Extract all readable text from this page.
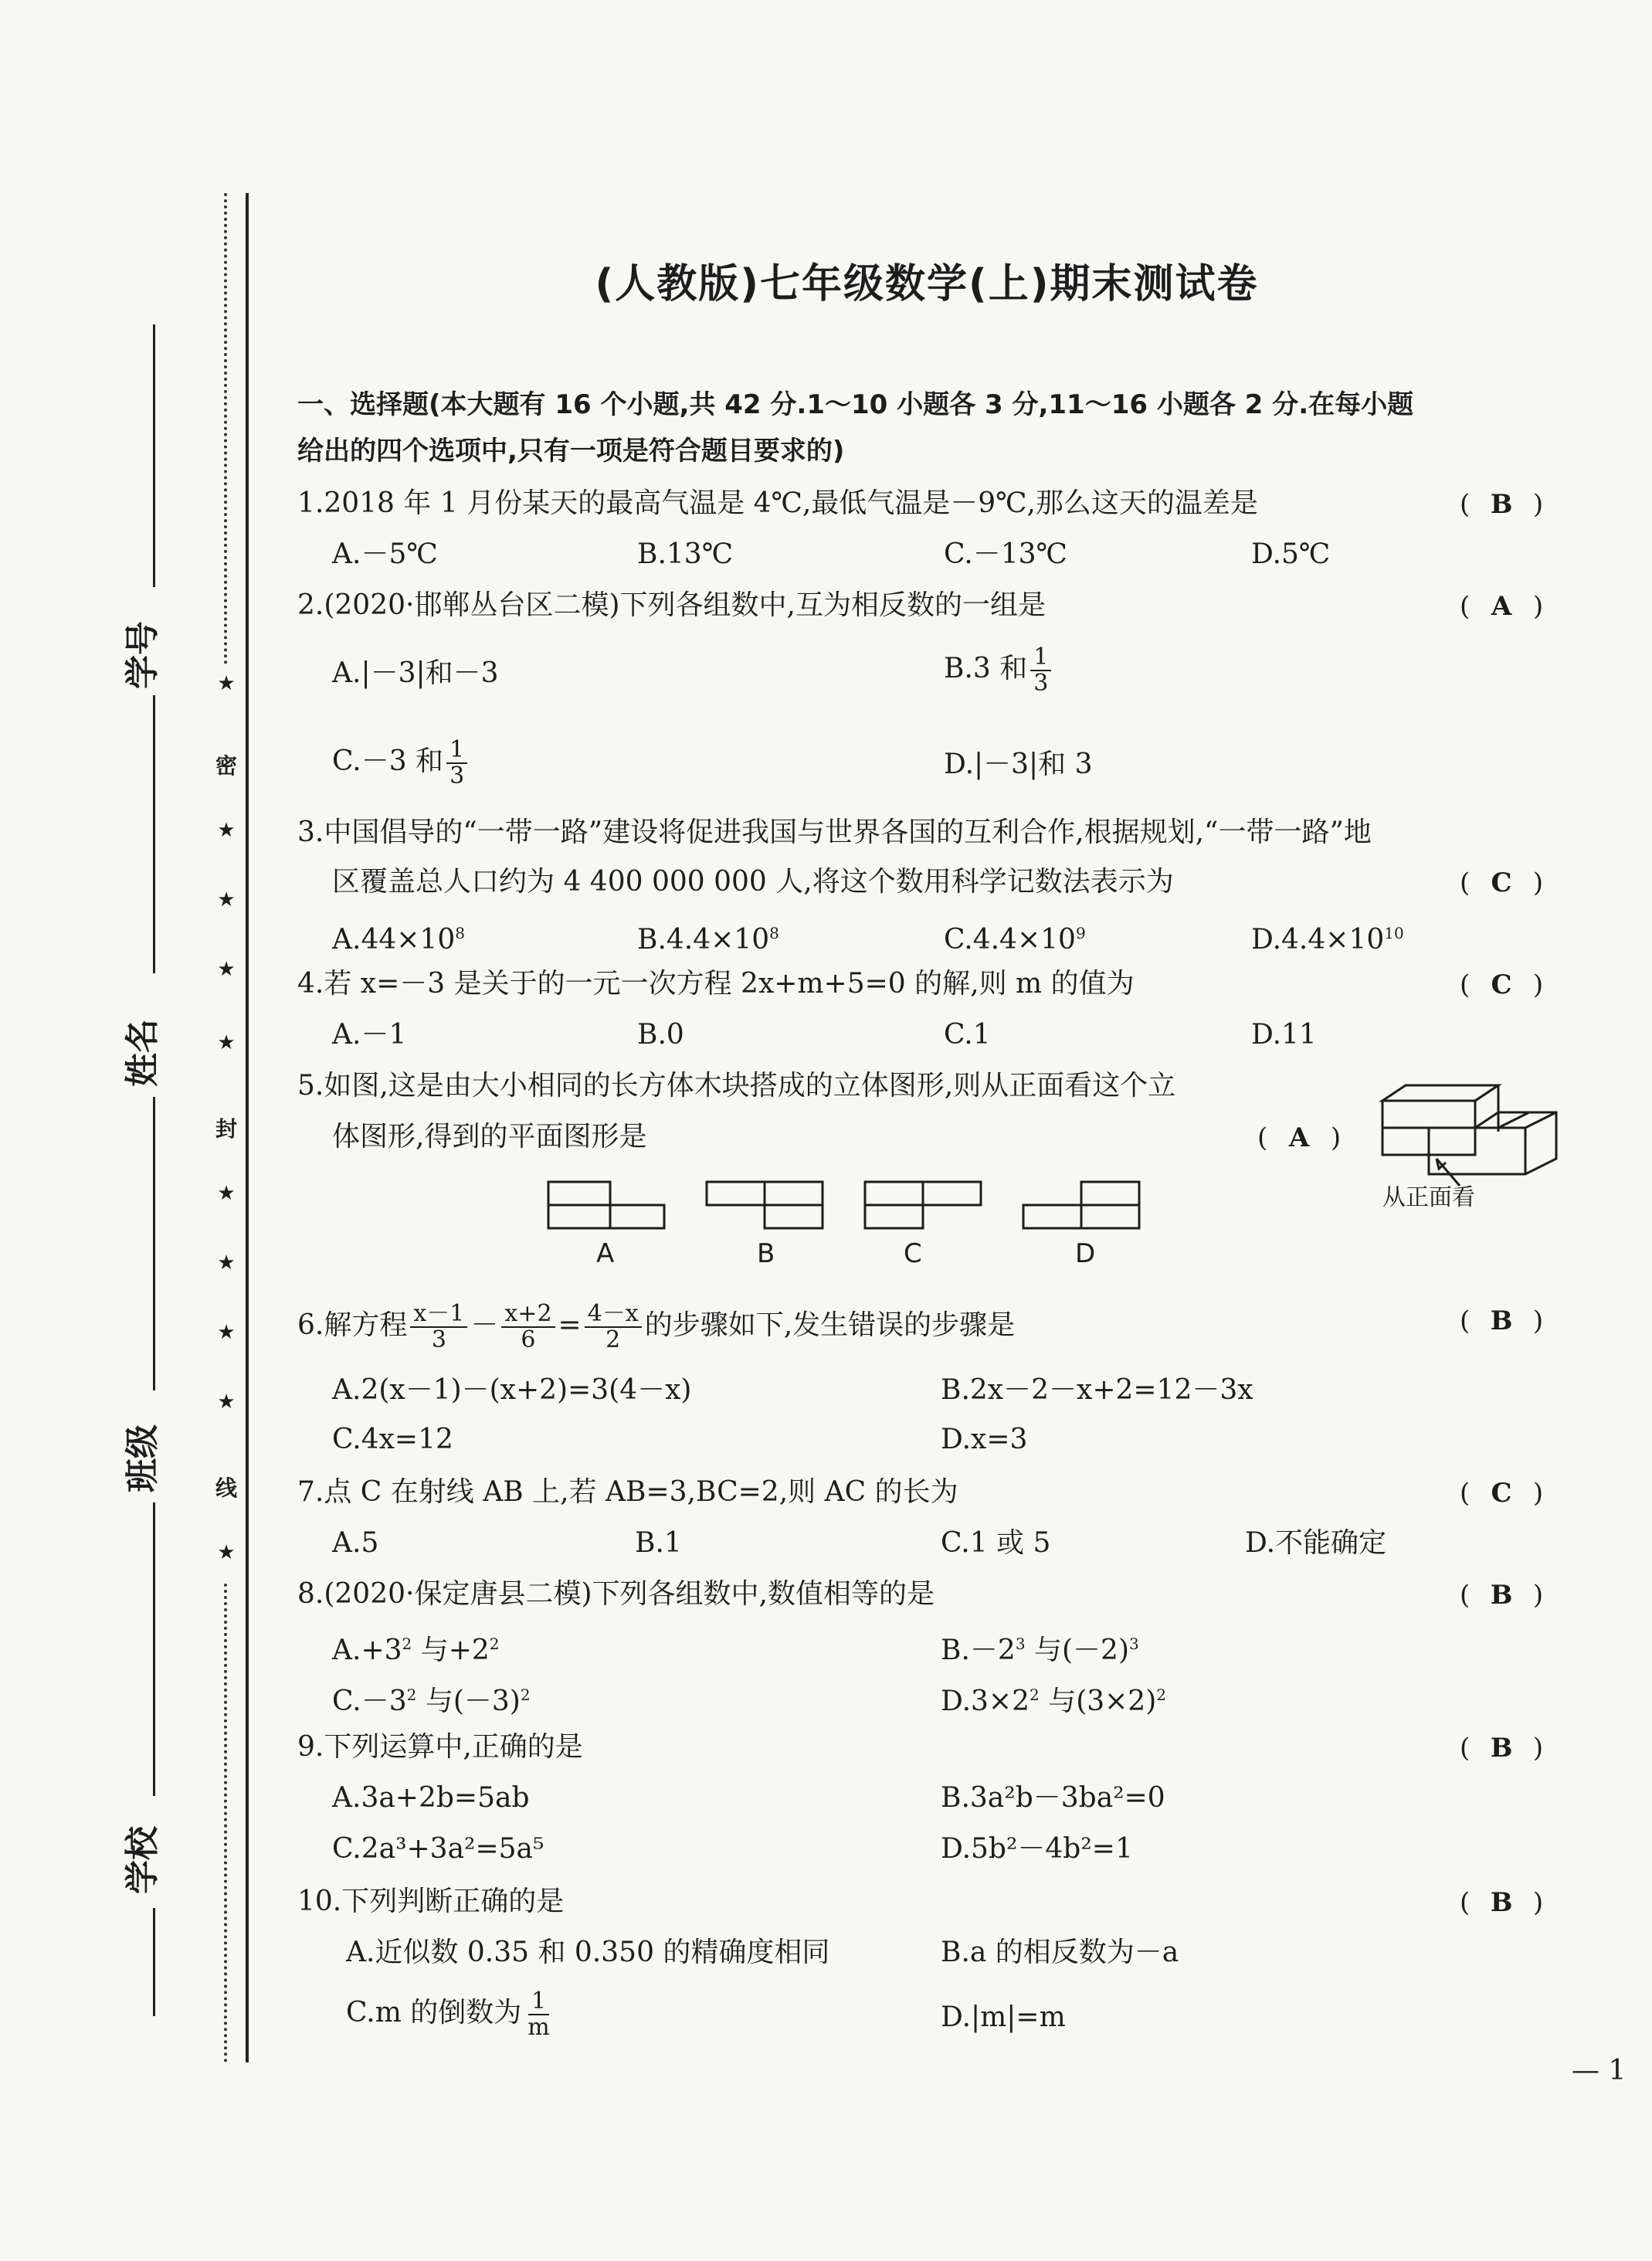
学号
姓名
班级
学校
★
密
★
★
★
★
封
★
★
★
★
线
★
(人教版)七年级数学(上)期末测试卷
一、选择题(本大题有 16 个小题,共 42 分.1～10 小题各 3 分,11～16 小题各 2 分.在每小题
给出的四个选项中,只有一项是符合题目要求的)
1.2018 年 1 月份某天的最高气温是 4℃,最低气温是－9℃,那么这天的温差是	( B )
A.－5℃	B.13℃	C.－13℃	D.5℃
2.(2020·邯郸丛台区二模)下列各组数中,互为相反数的一组是	( A )
A.|－3|和－3	B.3 和 $\frac{1}{3}$
C.－3 和 $\frac{1}{3}$	D.|－3|和 3
3.中国倡导的“一带一路”建设将促进我国与世界各国的互利合作,根据规划,“一带一路”地
区覆盖总人口约为 4 400 000 000 人,将这个数用科学记数法表示为	( C )
$A.44\times 10^8$	$B.4.4\times 10^8$	$C.4.4\times 10^9$	$D.4.4\times 10^{10}$
4.若 x=－3 是关于的一元一次方程 2x+m+5=0 的解,则 m 的值为	( C )
A.－1	B.0	C.1	D.11
5.如图,这是由大小相同的长方体木块搭成的立体图形,则从正面看这个立
体图形,得到的平面图形是	( A )
从正面看
A	B	C	D
6.解方程 $\frac{x-1}{3} - \frac{x+2}{6} = \frac{4-x}{2}$ 的步骤如下,发生错误的步骤是	( B )
A.2(x－1)－(x+2)=3(4－x)	B.2x－2－x+2=12－3x
C.4x=12	D.x=3
7.点 C 在射线 AB 上,若 AB=3,BC=2,则 AC 的长为	( C )
A.5	B.1	C.1 或 5	D.不能确定
8.(2020·保定唐县二模)下列各组数中,数值相等的是	( B )
$A.+3^2$ 与$+2^2$	$B.-2^3$ 与$(-2)^3$
$C.-3^2$ 与$(-3)^2$	$D.3\times 2^2$ 与$(3\times 2)^2$
9.下列运算中,正确的是	( B )
A.3a+2b=5ab	B.3a²b－3ba²=0
C.2a³+3a²=5a⁵	D.5b²－4b²=1
10.下列判断正确的是	( B )
A.近似数 0.35 和 0.350 的精确度相同	B.a 的相反数为－a
C.m 的倒数为 $\frac{1}{m}$	D.|m|=m
— 1
